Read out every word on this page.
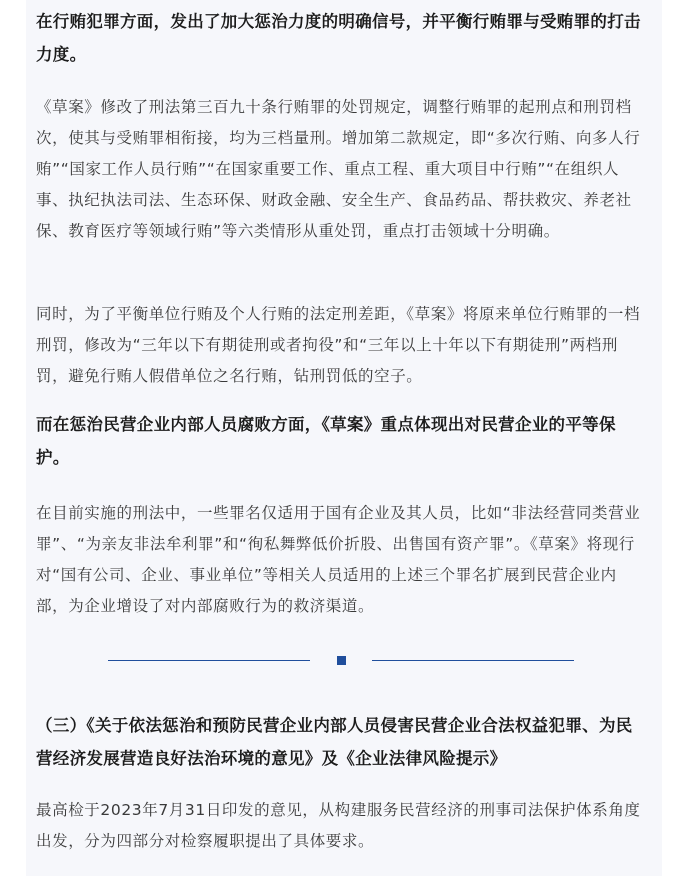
在行贿犯罪方面，发出了加大惩治力度的明确信号，并平衡行贿罪与受贿罪的打击力度。

《草案》修改了刑法第三百九十条行贿罪的处罚规定，调整行贿罪的起刑点和刑罚档次，使其与受贿罪相衔接，均为三档量刑。增加第二款规定，即“多次行贿、向多人行贿”“国家工作人员行贿”“在国家重要工作、重点工程、重大项目中行贿”“在组织人事、执纪执法司法、生态环保、财政金融、安全生产、食品药品、帮扶救灾、养老社保、教育医疗等领域行贿”等六类情形从重处罚，重点打击领域十分明确。

同时，为了平衡单位行贿及个人行贿的法定刑差距，《草案》将原来单位行贿罪的一档刑罚，修改为“三年以下有期徒刑或者拘役”和“三年以上十年以下有期徒刑”两档刑罚，避免行贿人假借单位之名行贿，钻刑罚低的空子。

而在惩治民营企业内部人员腐败方面，《草案》重点体现出对民营企业的平等保护。

在目前实施的刑法中，一些罪名仅适用于国有企业及其人员，比如“非法经营同类营业罪”、“为亲友非法牟利罪”和“徇私舞弊低价折股、出售国有资产罪”。《草案》将现行对“国有公司、企业、事业单位”等相关人员适用的上述三个罪名扩展到民营企业内部，为企业增设了对内部腐败行为的救济渠道。

（三）《关于依法惩治和预防民营企业内部人员侵害民营企业合法权益犯罪、为民营经济发展营造良好法治环境的意见》及《企业法律风险提示》

最高检于2023年7月31日印发的意见，从构建服务民营经济的刑事司法保护体系角度出发，分为四部分对检察履职提出了具体要求。
